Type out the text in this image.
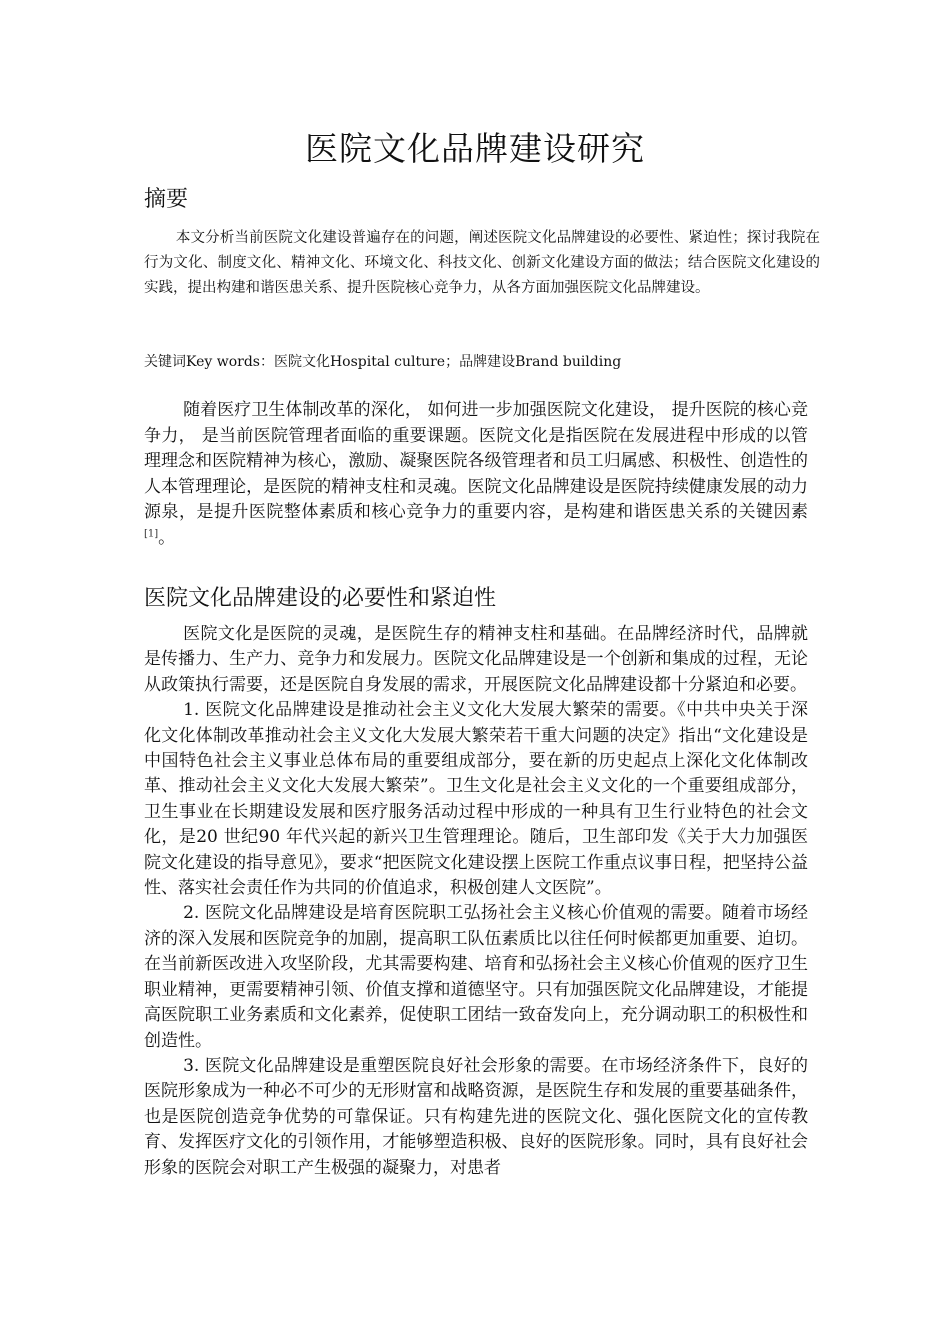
医院文化品牌建设研究
摘要

本文分析当前医院文化建设普遍存在的问题，阐述医院文化品牌建设的必要性、紧迫性；探讨我院在行为文化、制度文化、精神文化、环境文化、科技文化、创新文化建设方面的做法；结合医院文化建设的实践，提出构建和谐医患关系、提升医院核心竞争力，从各方面加强医院文化品牌建设。

关键词Key words：医院文化Hospital culture；品牌建设Brand building

随着医疗卫生体制改革的深化， 如何进一步加强医院文化建设， 提升医院的核心竞争力， 是当前医院管理者面临的重要课题。医院文化是指医院在发展进程中形成的以管理理念和医院精神为核心，激励、凝聚医院各级管理者和员工归属感、积极性、创造性的人本管理理论，是医院的精神支柱和灵魂。医院文化品牌建设是医院持续健康发展的动力源泉，是提升医院整体素质和核心竞争力的重要内容，是构建和谐医患关系的关键因素[1]。

医院文化品牌建设的必要性和紧迫性

医院文化是医院的灵魂，是医院生存的精神支柱和基础。在品牌经济时代，品牌就是传播力、生产力、竞争力和发展力。医院文化品牌建设是一个创新和集成的过程，无论从政策执行需要，还是医院自身发展的需求，开展医院文化品牌建设都十分紧迫和必要。

1. 医院文化品牌建设是推动社会主义文化大发展大繁荣的需要。《中共中央关于深化文化体制改革推动社会主义文化大发展大繁荣若干重大问题的决定》指出“文化建设是中国特色社会主义事业总体布局的重要组成部分，要在新的历史起点上深化文化体制改革、推动社会主义文化大发展大繁荣”。卫生文化是社会主义文化的一个重要组成部分，卫生事业在长期建设发展和医疗服务活动过程中形成的一种具有卫生行业特色的社会文化，是20 世纪90 年代兴起的新兴卫生管理理论。随后，卫生部印发《关于大力加强医院文化建设的指导意见》，要求“把医院文化建设摆上医院工作重点议事日程，把坚持公益性、落实社会责任作为共同的价值追求，积极创建人文医院”。

2. 医院文化品牌建设是培育医院职工弘扬社会主义核心价值观的需要。随着市场经济的深入发展和医院竞争的加剧，提高职工队伍素质比以往任何时候都更加重要、迫切。在当前新医改进入攻坚阶段，尤其需要构建、培育和弘扬社会主义核心价值观的医疗卫生职业精神，更需要精神引领、价值支撑和道德坚守。只有加强医院文化品牌建设，才能提高医院职工业务素质和文化素养，促使职工团结一致奋发向上，充分调动职工的积极性和创造性。

3. 医院文化品牌建设是重塑医院良好社会形象的需要。在市场经济条件下，良好的医院形象成为一种必不可少的无形财富和战略资源，是医院生存和发展的重要基础条件，也是医院创造竞争优势的可靠保证。只有构建先进的医院文化、强化医院文化的宣传教育、发挥医疗文化的引领作用，才能够塑造积极、良好的医院形象。同时，具有良好社会形象的医院会对职工产生极强的凝聚力，对患者
